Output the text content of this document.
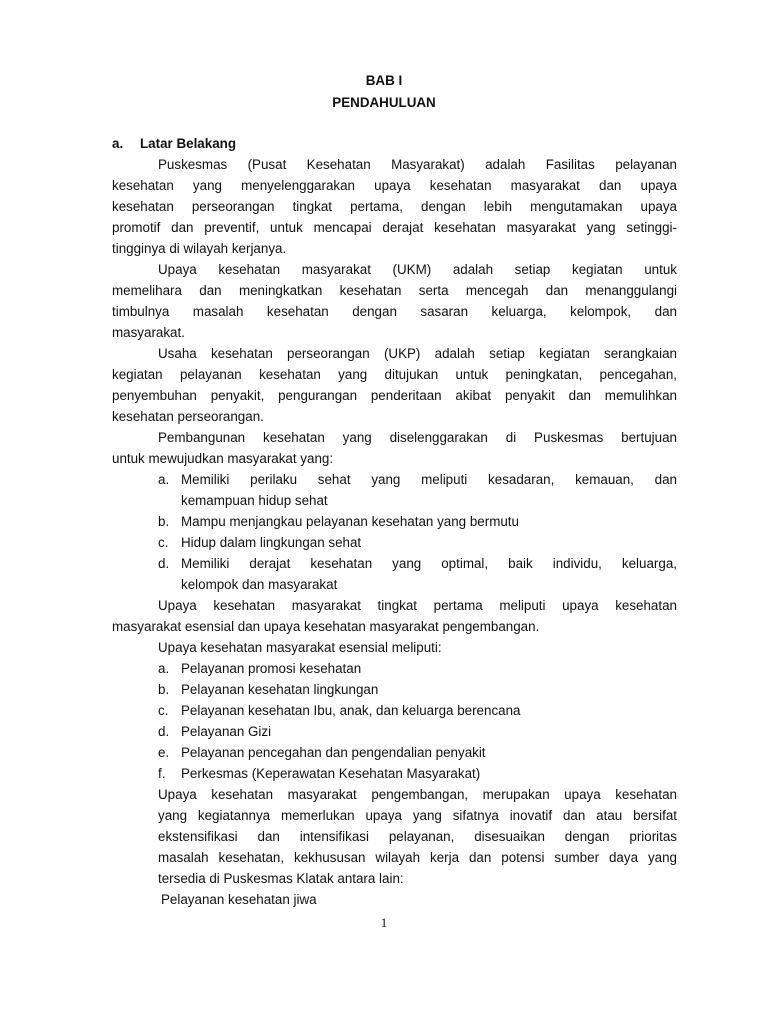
BAB I
PENDAHULUAN
a. Latar Belakang
Puskesmas (Pusat Kesehatan Masyarakat) adalah Fasilitas pelayanan
kesehatan yang menyelenggarakan upaya kesehatan masyarakat dan upaya
kesehatan perseorangan tingkat pertama, dengan lebih mengutamakan upaya
promotif dan preventif, untuk mencapai derajat kesehatan masyarakat yang setinggi-
tingginya di wilayah kerjanya.
Upaya kesehatan masyarakat (UKM) adalah setiap kegiatan untuk
memelihara dan meningkatkan kesehatan serta mencegah dan menanggulangi
timbulnya masalah kesehatan dengan sasaran keluarga, kelompok, dan
masyarakat.
Usaha kesehatan perseorangan (UKP) adalah setiap kegiatan serangkaian
kegiatan pelayanan kesehatan yang ditujukan untuk peningkatan, pencegahan,
penyembuhan penyakit, pengurangan penderitaan akibat penyakit dan memulihkan
kesehatan perseorangan.
Pembangunan kesehatan yang diselenggarakan di Puskesmas bertujuan
untuk mewujudkan masyarakat yang:
a. Memiliki perilaku sehat yang meliputi kesadaran, kemauan, dan
kemampuan hidup sehat
b. Mampu menjangkau pelayanan kesehatan yang bermutu
c. Hidup dalam lingkungan sehat
d. Memiliki derajat kesehatan yang optimal, baik individu, keluarga,
kelompok dan masyarakat
Upaya kesehatan masyarakat tingkat pertama meliputi upaya kesehatan
masyarakat esensial dan upaya kesehatan masyarakat pengembangan.
Upaya kesehatan masyarakat esensial meliputi:
a. Pelayanan promosi kesehatan
b. Pelayanan kesehatan lingkungan
c. Pelayanan kesehatan Ibu, anak, dan keluarga berencana
d. Pelayanan Gizi
e. Pelayanan pencegahan dan pengendalian penyakit
f. Perkesmas (Keperawatan Kesehatan Masyarakat)
Upaya kesehatan masyarakat pengembangan, merupakan upaya kesehatan
yang kegiatannya memerlukan upaya yang sifatnya inovatif dan atau bersifat
ekstensifikasi dan intensifikasi pelayanan, disesuaikan dengan prioritas
masalah kesehatan, kekhususan wilayah kerja dan potensi sumber daya yang
tersedia di Puskesmas Klatak antara lain:
Pelayanan kesehatan jiwa
1
